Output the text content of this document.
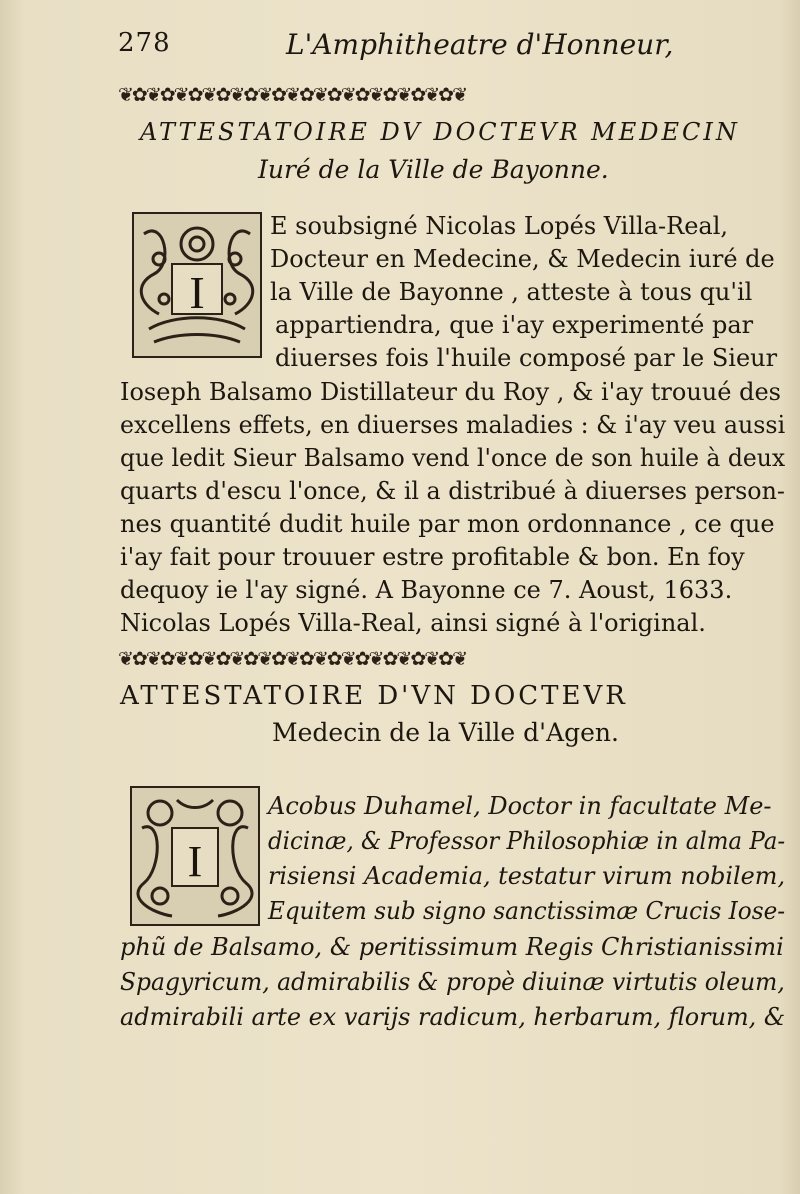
278	L'Amphitheatre d'Honneur,
❦✿❦✿❦✿❦✿❦✿❦✿❦✿❦✿❦✿❦✿❦✿❦✿❦
ATTESTATOIRE DV DOCTEVR MEDECIN
Iuré de la Ville de Bayonne.
I
E soubsigné Nicolas Lopés Villa-Real,
Docteur en Medecine, & Medecin iuré de
la Ville de Bayonne , atteste à tous qu'il
appartiendra, que i'ay experimenté par
diuerses fois l'huile composé par le Sieur
Ioseph Balsamo Distillateur du Roy , & i'ay trouué des
excellens effets, en diuerses maladies : & i'ay veu aussi
que ledit Sieur Balsamo vend l'once de son huile à deux
quarts d'escu l'once, & il a distribué à diuerses person-
nes quantité dudit huile par mon ordonnance , ce que
i'ay fait pour trouuer estre profitable & bon. En foy
dequoy ie l'ay signé. A Bayonne ce 7. Aoust, 1633.
Nicolas Lopés Villa-Real, ainsi signé à l'original.
❦✿❦✿❦✿❦✿❦✿❦✿❦✿❦✿❦✿❦✿❦✿❦✿❦
ATTESTATOIRE D'VN DOCTEVR
Medecin de la Ville d'Agen.
I
Acobus Duhamel, Doctor in facultate Me-
dicinæ, & Professor Philosophiæ in alma Pa-
risiensi Academia, testatur virum nobilem,
Equitem sub signo sanctissimæ Crucis Iose-
phũ de Balsamo, & peritissimum Regis Christianissimi
Spagyricum, admirabilis & propè diuinæ virtutis oleum,
admirabili arte ex varijs radicum, herbarum, florum, &
